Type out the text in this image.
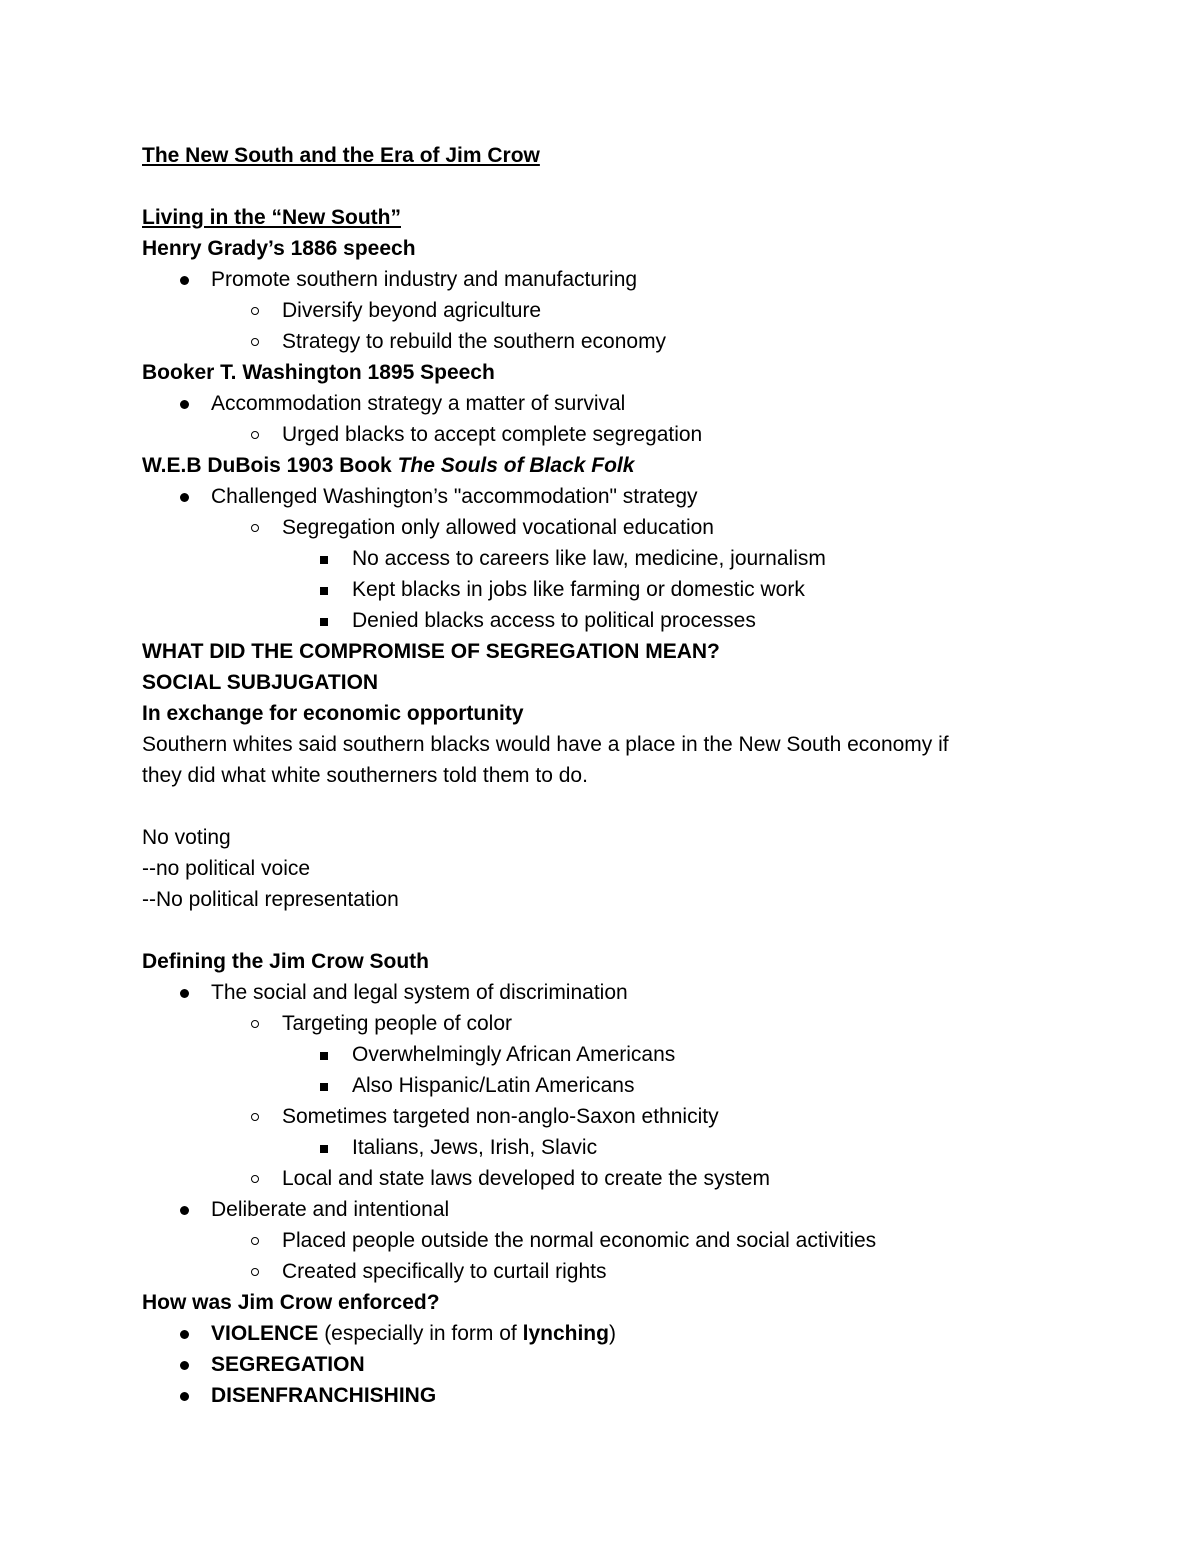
The New South and the Era of Jim Crow
Living in the “New South”
Henry Grady’s 1886 speech
Promote southern industry and manufacturing
Diversify beyond agriculture
Strategy to rebuild the southern economy
Booker T. Washington 1895 Speech
Accommodation strategy a matter of survival
Urged blacks to accept complete segregation
W.E.B DuBois 1903 Book The Souls of Black Folk
Challenged Washington’s "accommodation" strategy
Segregation only allowed vocational education
No access to careers like law, medicine, journalism
Kept blacks in jobs like farming or domestic work
Denied blacks access to political processes
WHAT DID THE COMPROMISE OF SEGREGATION MEAN?
SOCIAL SUBJUGATION
In exchange for economic opportunity
Southern whites said southern blacks would have a place in the New South economy if
they did what white southerners told them to do.
No voting
--no political voice
--No political representation
Defining the Jim Crow South
The social and legal system of discrimination
Targeting people of color
Overwhelmingly African Americans
Also Hispanic/Latin Americans
Sometimes targeted non-anglo-Saxon ethnicity
Italians, Jews, Irish, Slavic
Local and state laws developed to create the system
Deliberate and intentional
Placed people outside the normal economic and social activities
Created specifically to curtail rights
How was Jim Crow enforced?
VIOLENCE (especially in form of lynching)
SEGREGATION
DISENFRANCHISHING
